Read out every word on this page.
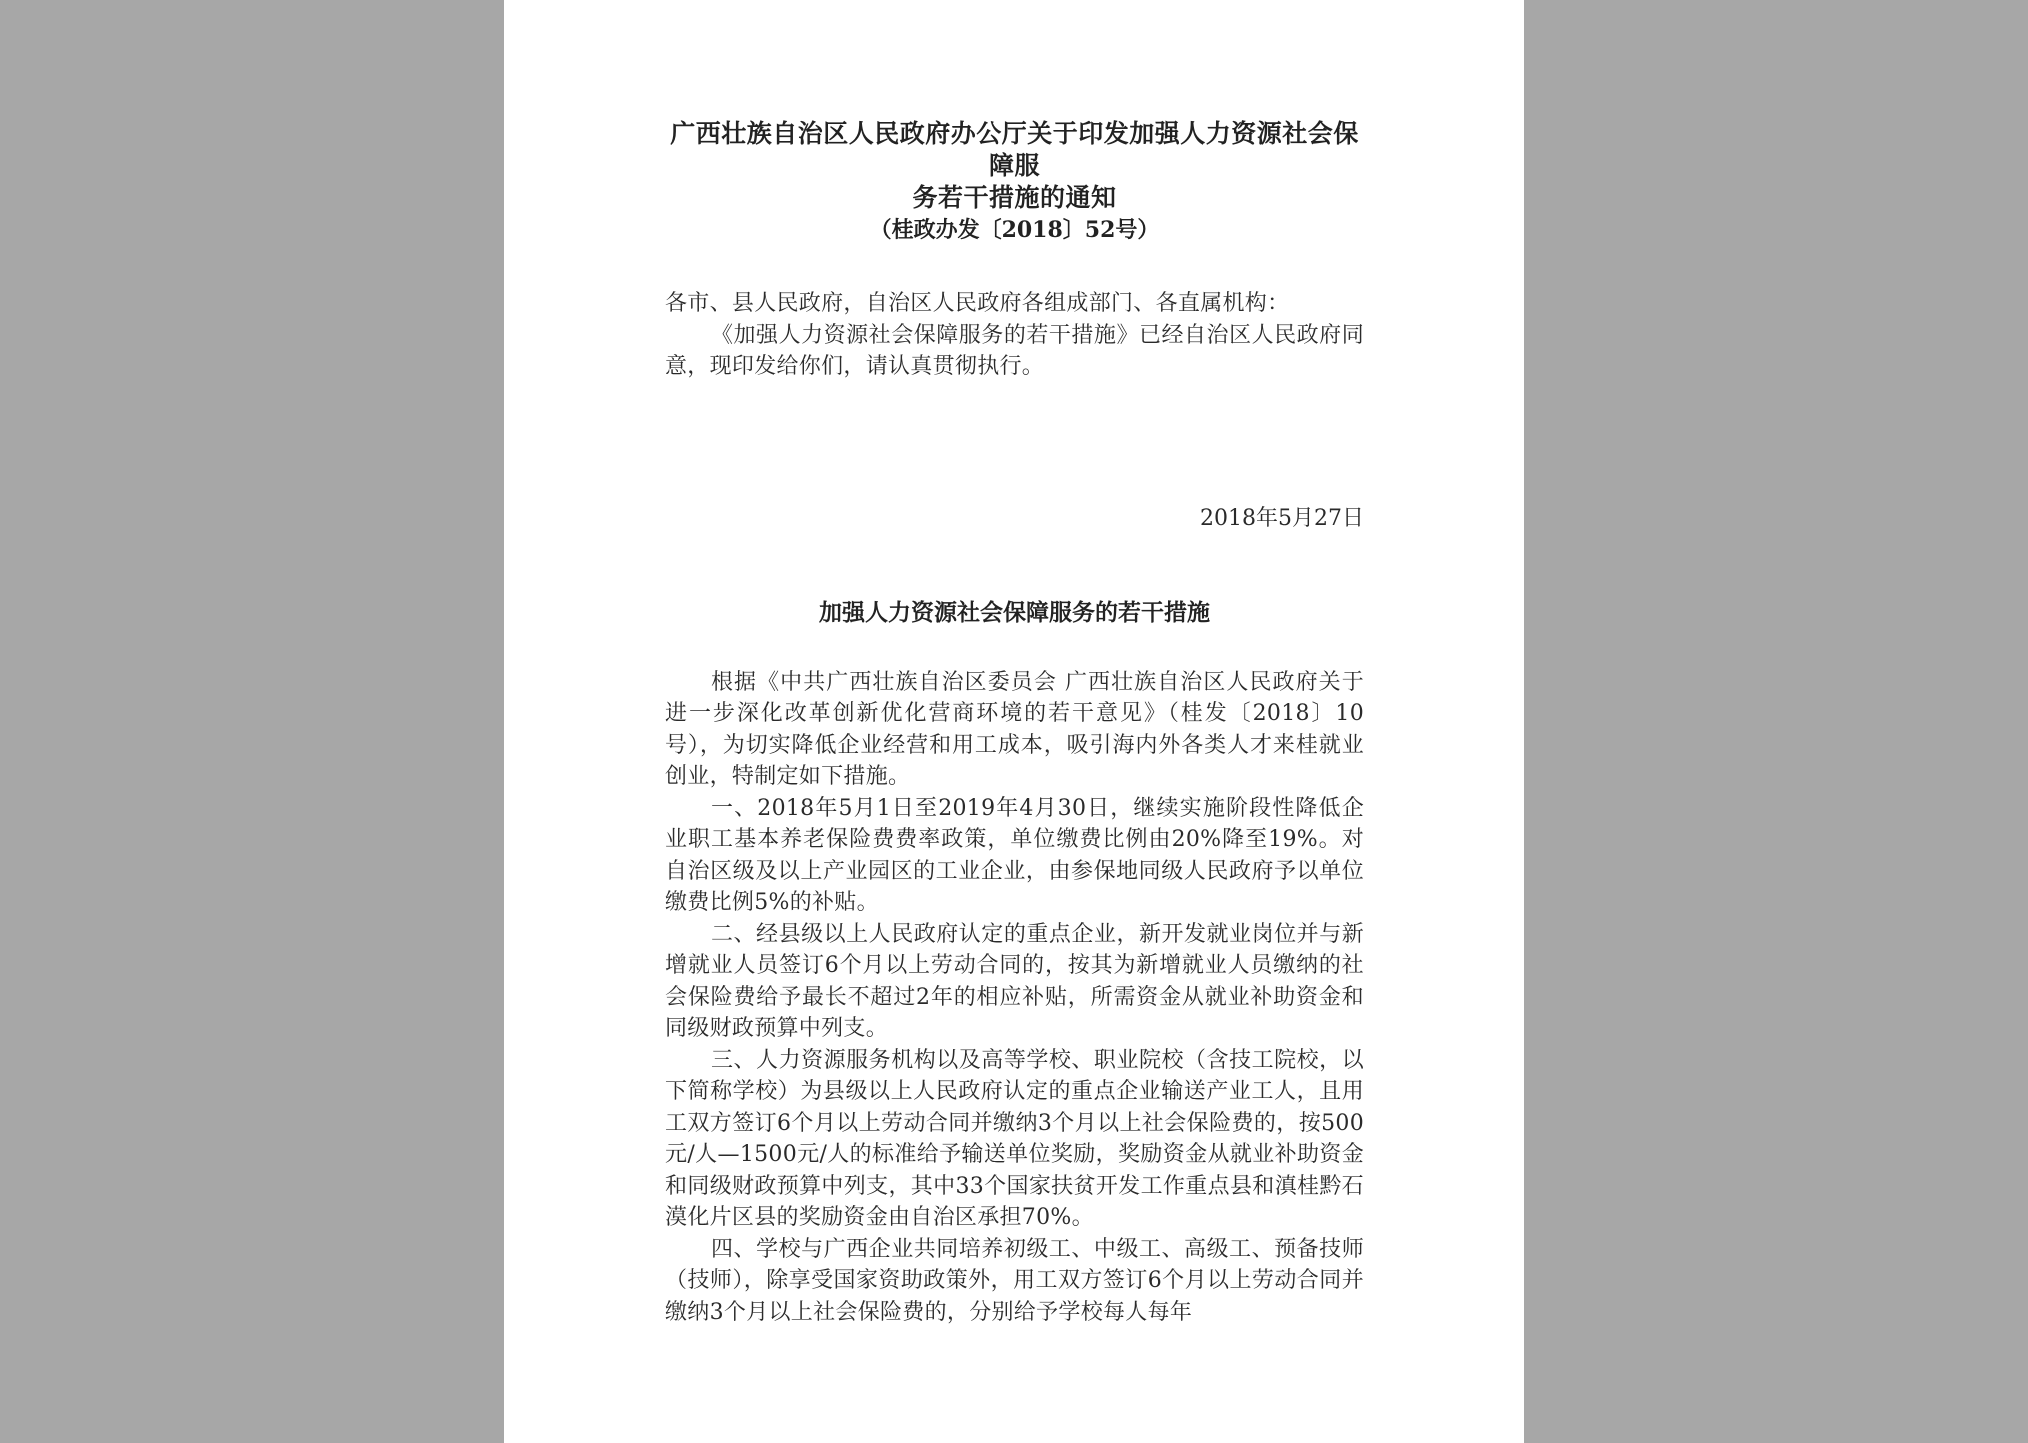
广西壮族自治区人民政府办公厅关于印发加强人力资源社会保障服
务若干措施的通知
（桂政办发〔2018〕52号）

各市、县人民政府，自治区人民政府各组成部门、各直属机构：

《加强人力资源社会保障服务的若干措施》已经自治区人民政府同意，现印发给你们，请认真贯彻执行。

2018年5月27日
加强人力资源社会保障服务的若干措施

根据《中共广西壮族自治区委员会 广西壮族自治区人民政府关于进一步深化改革创新优化营商环境的若干意见》（桂发〔2018〕10号），为切实降低企业经营和用工成本，吸引海内外各类人才来桂就业创业，特制定如下措施。

一、2018年5月1日至2019年4月30日，继续实施阶段性降低企业职工基本养老保险费费率政策，单位缴费比例由20%降至19%。对自治区级及以上产业园区的工业企业，由参保地同级人民政府予以单位缴费比例5%的补贴。

二、经县级以上人民政府认定的重点企业，新开发就业岗位并与新增就业人员签订6个月以上劳动合同的，按其为新增就业人员缴纳的社会保险费给予最长不超过2年的相应补贴，所需资金从就业补助资金和同级财政预算中列支。

三、人力资源服务机构以及高等学校、职业院校（含技工院校，以下简称学校）为县级以上人民政府认定的重点企业输送产业工人，且用工双方签订6个月以上劳动合同并缴纳3个月以上社会保险费的，按500元/人—1500元/人的标准给予输送单位奖励，奖励资金从就业补助资金和同级财政预算中列支，其中33个国家扶贫开发工作重点县和滇桂黔石漠化片区县的奖励资金由自治区承担70%。

四、学校与广西企业共同培养初级工、中级工、高级工、预备技师（技师），除享受国家资助政策外，用工双方签订6个月以上劳动合同并缴纳3个月以上社会保险费的，分别给予学校每人每年
